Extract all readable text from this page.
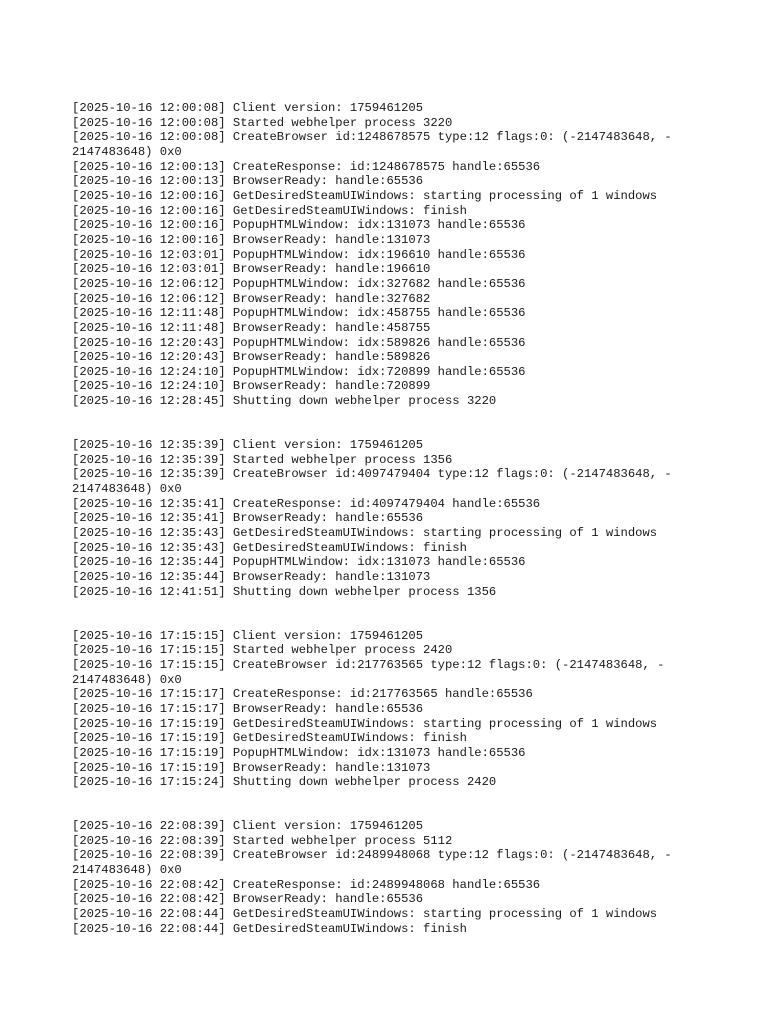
[2025-10-16 12:00:08] Client version: 1759461205
[2025-10-16 12:00:08] Started webhelper process 3220
[2025-10-16 12:00:08] CreateBrowser id:1248678575 type:12 flags:0: (-2147483648, -
2147483648) 0x0
[2025-10-16 12:00:13] CreateResponse: id:1248678575 handle:65536
[2025-10-16 12:00:13] BrowserReady: handle:65536
[2025-10-16 12:00:16] GetDesiredSteamUIWindows: starting processing of 1 windows
[2025-10-16 12:00:16] GetDesiredSteamUIWindows: finish
[2025-10-16 12:00:16] PopupHTMLWindow: idx:131073 handle:65536
[2025-10-16 12:00:16] BrowserReady: handle:131073
[2025-10-16 12:03:01] PopupHTMLWindow: idx:196610 handle:65536
[2025-10-16 12:03:01] BrowserReady: handle:196610
[2025-10-16 12:06:12] PopupHTMLWindow: idx:327682 handle:65536
[2025-10-16 12:06:12] BrowserReady: handle:327682
[2025-10-16 12:11:48] PopupHTMLWindow: idx:458755 handle:65536
[2025-10-16 12:11:48] BrowserReady: handle:458755
[2025-10-16 12:20:43] PopupHTMLWindow: idx:589826 handle:65536
[2025-10-16 12:20:43] BrowserReady: handle:589826
[2025-10-16 12:24:10] PopupHTMLWindow: idx:720899 handle:65536
[2025-10-16 12:24:10] BrowserReady: handle:720899
[2025-10-16 12:28:45] Shutting down webhelper process 3220

[2025-10-16 12:35:39] Client version: 1759461205
[2025-10-16 12:35:39] Started webhelper process 1356
[2025-10-16 12:35:39] CreateBrowser id:4097479404 type:12 flags:0: (-2147483648, -
2147483648) 0x0
[2025-10-16 12:35:41] CreateResponse: id:4097479404 handle:65536
[2025-10-16 12:35:41] BrowserReady: handle:65536
[2025-10-16 12:35:43] GetDesiredSteamUIWindows: starting processing of 1 windows
[2025-10-16 12:35:43] GetDesiredSteamUIWindows: finish
[2025-10-16 12:35:44] PopupHTMLWindow: idx:131073 handle:65536
[2025-10-16 12:35:44] BrowserReady: handle:131073
[2025-10-16 12:41:51] Shutting down webhelper process 1356

[2025-10-16 17:15:15] Client version: 1759461205
[2025-10-16 17:15:15] Started webhelper process 2420
[2025-10-16 17:15:15] CreateBrowser id:217763565 type:12 flags:0: (-2147483648, -
2147483648) 0x0
[2025-10-16 17:15:17] CreateResponse: id:217763565 handle:65536
[2025-10-16 17:15:17] BrowserReady: handle:65536
[2025-10-16 17:15:19] GetDesiredSteamUIWindows: starting processing of 1 windows
[2025-10-16 17:15:19] GetDesiredSteamUIWindows: finish
[2025-10-16 17:15:19] PopupHTMLWindow: idx:131073 handle:65536
[2025-10-16 17:15:19] BrowserReady: handle:131073
[2025-10-16 17:15:24] Shutting down webhelper process 2420

[2025-10-16 22:08:39] Client version: 1759461205
[2025-10-16 22:08:39] Started webhelper process 5112
[2025-10-16 22:08:39] CreateBrowser id:2489948068 type:12 flags:0: (-2147483648, -
2147483648) 0x0
[2025-10-16 22:08:42] CreateResponse: id:2489948068 handle:65536
[2025-10-16 22:08:42] BrowserReady: handle:65536
[2025-10-16 22:08:44] GetDesiredSteamUIWindows: starting processing of 1 windows
[2025-10-16 22:08:44] GetDesiredSteamUIWindows: finish
